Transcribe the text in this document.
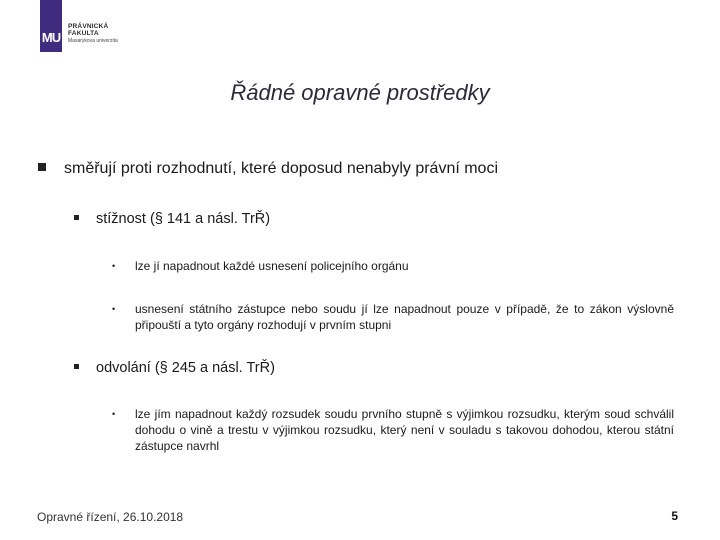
MU
PRÁVNICKÁ
FAKULTA
Masarykova univerzita
Řádné opravné prostředky
směřují proti rozhodnutí, které doposud nenabyly právní moci
stížnost (§ 141 a násl. TrŘ)
•	lze jí napadnout každé usnesení policejního orgánu
•	usnesení státního zástupce nebo soudu jí lze napadnout pouze v případě, že to zákon výslovně připouští a tyto orgány rozhodují v prvním stupni
odvolání (§ 245 a násl. TrŘ)
•	lze jím napadnout každý rozsudek soudu prvního stupně s výjimkou rozsudku, kterým soud schválil dohodu o vině a trestu v výjimkou rozsudku, který není v souladu s takovou dohodou, kterou státní zástupce navrhl
Opravné řízení, 26.10.2018	5
